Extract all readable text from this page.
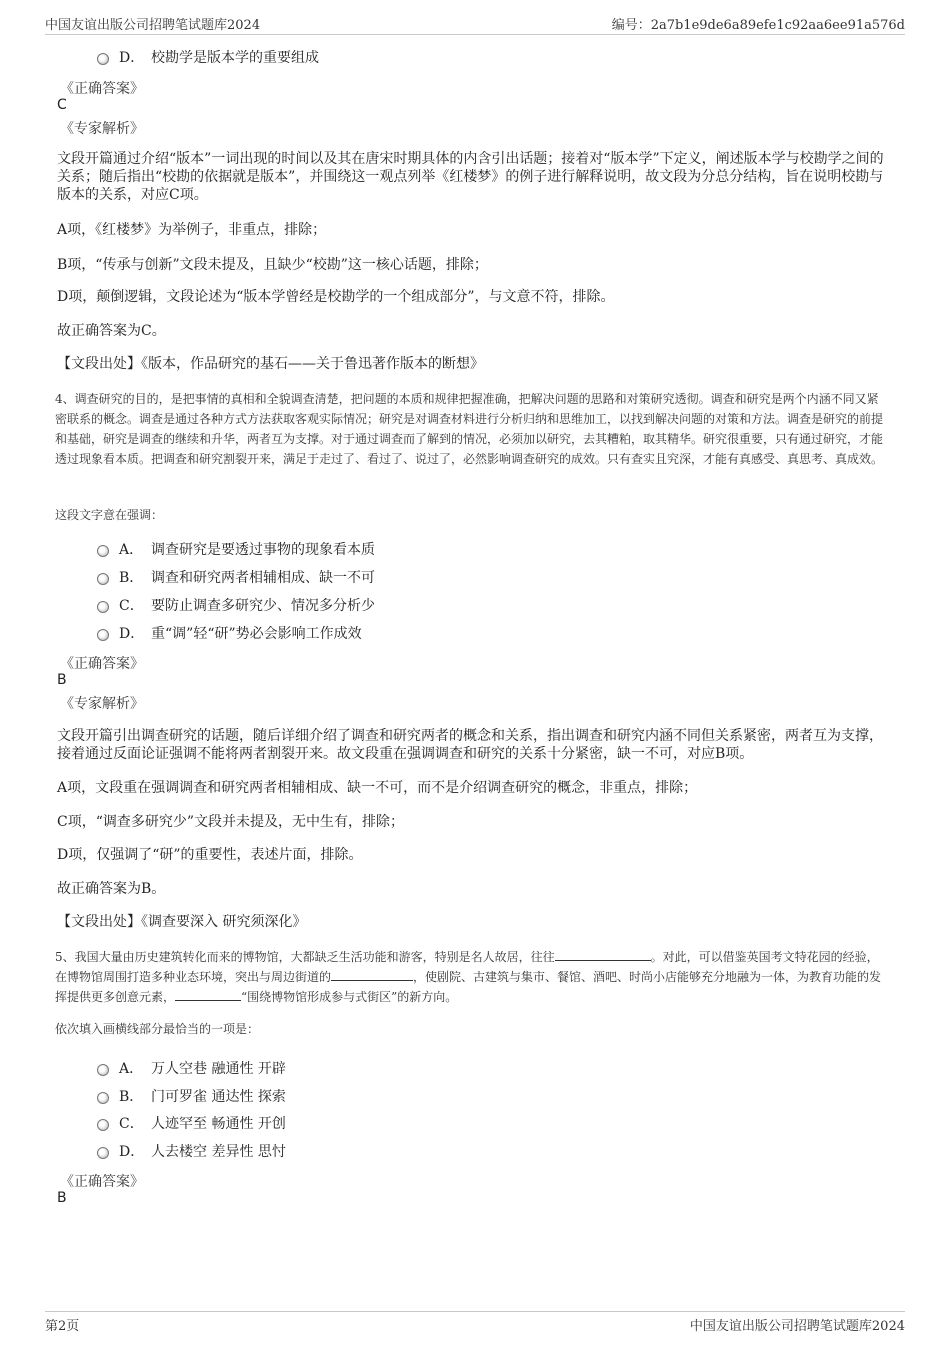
中国友谊出版公司招聘笔试题库2024	编号：2a7b1e9de6a89efe1c92aa6ee91a576d
D． 校勘学是版本学的重要组成
《正确答案》
C
《专家解析》
文段开篇通过介绍“版本”一词出现的时间以及其在唐宋时期具体的内含引出话题；接着对“版本学”下定义，阐述版本学与校勘学之间的关系；随后指出“校勘的依据就是版本”，并围绕这一观点列举《红楼梦》的例子进行解释说明，故文段为分总分结构，旨在说明校勘与版本的关系，对应C项。
A项，《红楼梦》为举例子，非重点，排除；
B项，“传承与创新”文段未提及，且缺少“校勘”这一核心话题，排除；
D项，颠倒逻辑，文段论述为“版本学曾经是校勘学的一个组成部分”，与文意不符，排除。
故正确答案为C。
【文段出处】《版本，作品研究的基石——关于鲁迅著作版本的断想》
4、调查研究的目的，是把事情的真相和全貌调查清楚，把问题的本质和规律把握准确，把解决问题的思路和对策研究透彻。调查和研究是两个内涵不同又紧密联系的概念。调查是通过各种方式方法获取客观实际情况；研究是对调查材料进行分析归纳和思维加工，以找到解决问题的对策和方法。调查是研究的前提和基础，研究是调查的继续和升华，两者互为支撑。对于通过调查而了解到的情况，必须加以研究，去其糟粕，取其精华。研究很重要，只有通过研究，才能透过现象看本质。把调查和研究割裂开来，满足于走过了、看过了、说过了，必然影响调查研究的成效。只有查实且究深，才能有真感受、真思考、真成效。
这段文字意在强调：
A． 调查研究是要透过事物的现象看本质
B． 调查和研究两者相辅相成、缺一不可
C． 要防止调查多研究少、情况多分析少
D． 重“调”轻“研”势必会影响工作成效
《正确答案》
B
《专家解析》
文段开篇引出调查研究的话题，随后详细介绍了调查和研究两者的概念和关系，指出调查和研究内涵不同但关系紧密，两者互为支撑，接着通过反面论证强调不能将两者割裂开来。故文段重在强调调查和研究的关系十分紧密，缺一不可，对应B项。
A项，文段重在强调调查和研究两者相辅相成、缺一不可，而不是介绍调查研究的概念，非重点，排除；
C项，“调查多研究少”文段并未提及，无中生有，排除；
D项，仅强调了“研”的重要性，表述片面，排除。
故正确答案为B。
【文段出处】《调查要深入 研究须深化》
5、我国大量由历史建筑转化而来的博物馆，大都缺乏生活功能和游客，特别是名人故居，往往	。对此，可以借鉴英国考文特花园的经验，在博物馆周围打造多种业态环境，突出与周边街道的	，使剧院、古建筑与集市、餐馆、酒吧、时尚小店能够充分地融为一体，为教育功能的发挥提供更多创意元素，	“围绕博物馆形成参与式街区”的新方向。
依次填入画横线部分最恰当的一项是：
A． 万人空巷 融通性 开辟
B． 门可罗雀 通达性 探索
C． 人迹罕至 畅通性 开创
D． 人去楼空 差异性 思忖
《正确答案》
B
第2页	中国友谊出版公司招聘笔试题库2024
